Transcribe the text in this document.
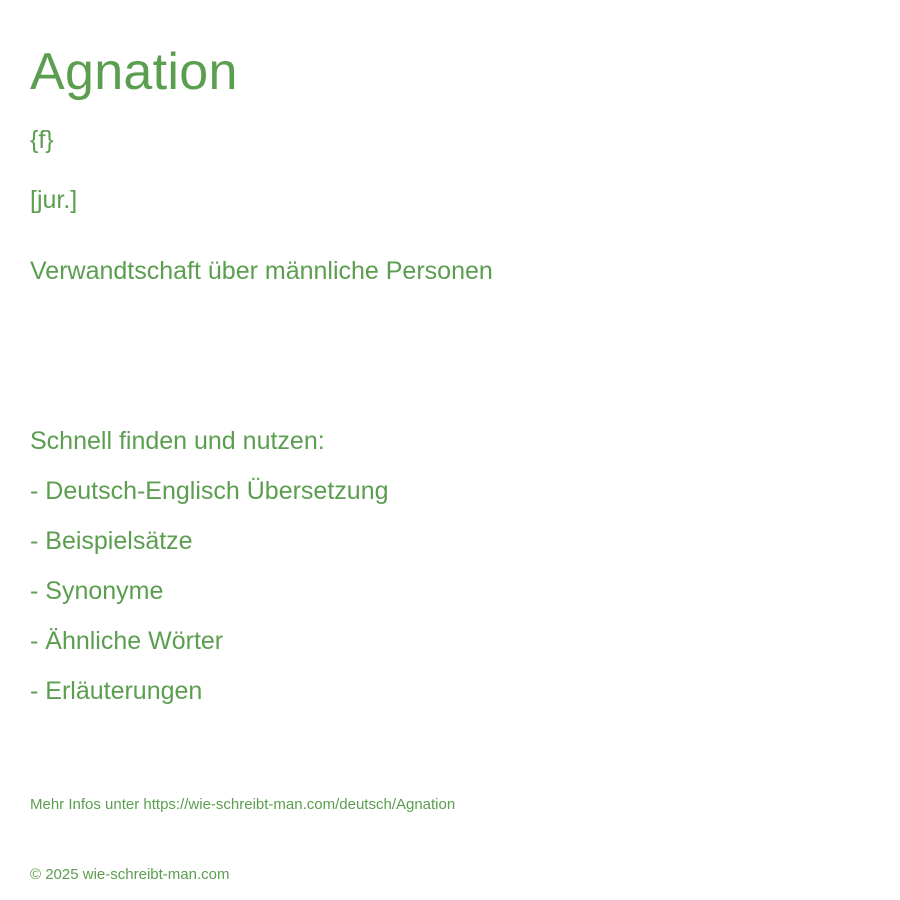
Agnation
{f}
[jur.]
Verwandtschaft über männliche Personen
Schnell finden und nutzen:
- Deutsch-Englisch Übersetzung
- Beispielsätze
- Synonyme
- Ähnliche Wörter
- Erläuterungen
Mehr Infos unter https://wie-schreibt-man.com/deutsch/Agnation
© 2025 wie-schreibt-man.com
